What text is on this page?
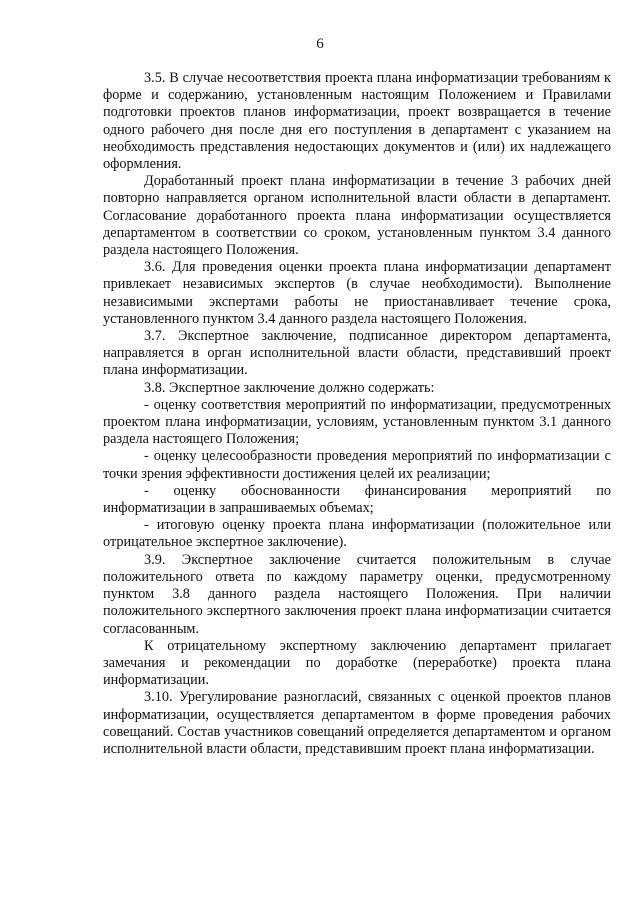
6

3.5. В случае несоответствия проекта плана информатизации требованиям к форме и содержанию, установленным настоящим Положением и Правилами подготовки проектов планов информатизации, проект возвращается в течение одного рабочего дня после дня его поступления в департамент с указанием на необходимость представления недостающих документов и (или) их надлежащего оформления.

Доработанный проект плана информатизации в течение 3 рабочих дней повторно направляется органом исполнительной власти области в департамент. Согласование доработанного проекта плана информатизации осуществляется департаментом в соответствии со сроком, установленным пунктом 3.4 данного раздела настоящего Положения.

3.6. Для проведения оценки проекта плана информатизации департамент привлекает независимых экспертов (в случае необходимости). Выполнение независимыми экспертами работы не приостанавливает течение срока, установленного пунктом 3.4 данного раздела настоящего Положения.

3.7. Экспертное заключение, подписанное директором департамента, направляется в орган исполнительной власти области, представивший проект плана информатизации.

3.8. Экспертное заключение должно содержать:

- оценку соответствия мероприятий по информатизации, предусмотренных проектом плана информатизации, условиям, установленным пунктом 3.1 данного раздела настоящего Положения;

- оценку целесообразности проведения мероприятий по информатизации с точки зрения эффективности достижения целей их реализации;

- оценку обоснованности финансирования мероприятий по информатизации в запрашиваемых объемах;

- итоговую оценку проекта плана информатизации (положительное или отрицательное экспертное заключение).

3.9. Экспертное заключение считается положительным в случае положительного ответа по каждому параметру оценки, предусмотренному пунктом 3.8 данного раздела настоящего Положения. При наличии положительного экспертного заключения проект плана информатизации считается согласованным.

К отрицательному экспертному заключению департамент прилагает замечания и рекомендации по доработке (переработке) проекта плана информатизации.

3.10. Урегулирование разногласий, связанных с оценкой проектов планов информатизации, осуществляется департаментом в форме проведения рабочих совещаний. Состав участников совещаний определяется департаментом и органом исполнительной власти области, представившим проект плана информатизации.
